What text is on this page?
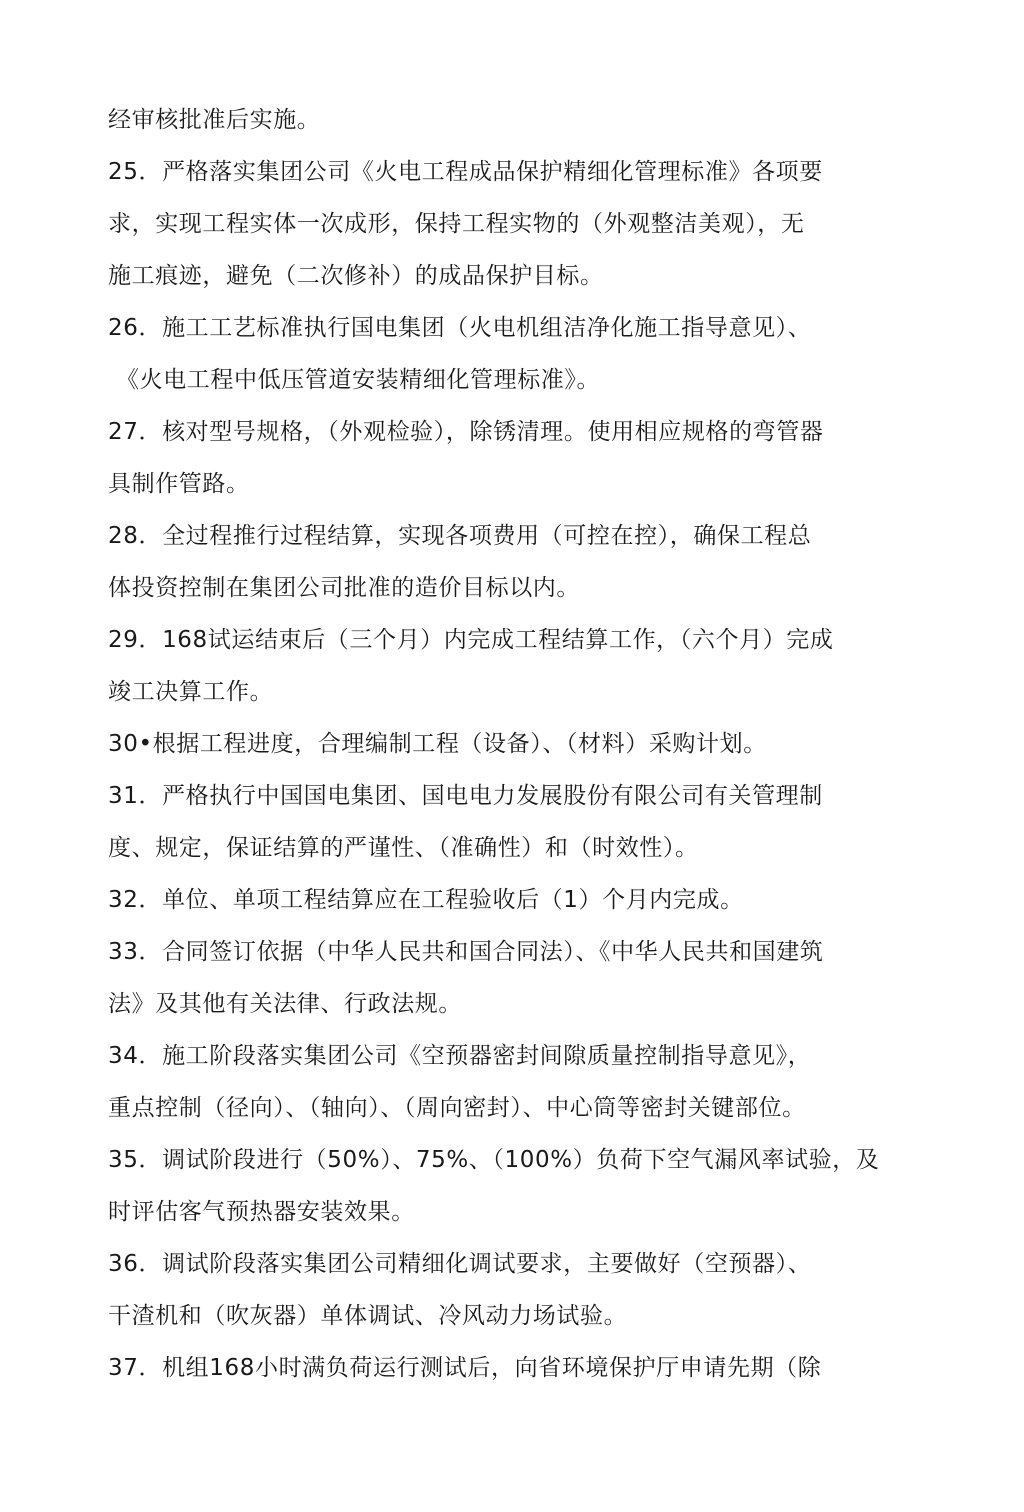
经审核批准后实施。
25．严格落实集团公司《火电工程成品保护精细化管理标准》各项要
求，实现工程实体一次成形，保持工程实物的（外观整洁美观），无
施工痕迹，避免（二次修补）的成品保护目标。
26．施工工艺标准执行国电集团（火电机组洁净化施工指导意见）、
《火电工程中低压管道安装精细化管理标准》。
27．核对型号规格，（外观检验），除锈清理。使用相应规格的弯管器
具制作管路。
28．全过程推行过程结算，实现各项费用（可控在控），确保工程总
体投资控制在集团公司批准的造价目标以内。
29．168试运结束后（三个月）内完成工程结算工作，（六个月）完成
竣工决算工作。
30•根据工程进度，合理编制工程（设备）、（材料）采购计划。
31．严格执行中国国电集团、国电电力发展股份有限公司有关管理制
度、规定，保证结算的严谨性、（准确性）和（时效性）。
32．单位、单项工程结算应在工程验收后（1）个月内完成。
33．合同签订依据（中华人民共和国合同法）、《中华人民共和国建筑
法》及其他有关法律、行政法规。
34．施工阶段落实集团公司《空预器密封间隙质量控制指导意见》，
重点控制（径向）、（轴向）、（周向密封）、中心筒等密封关键部位。
35．调试阶段进行（50%）、75%、（100%）负荷下空气漏风率试验，及
时评估客气预热器安装效果。
36．调试阶段落实集团公司精细化调试要求，主要做好（空预器）、
干渣机和（吹灰器）单体调试、冷风动力场试验。
37．机组168小时满负荷运行测试后，向省环境保护厅申请先期（除
